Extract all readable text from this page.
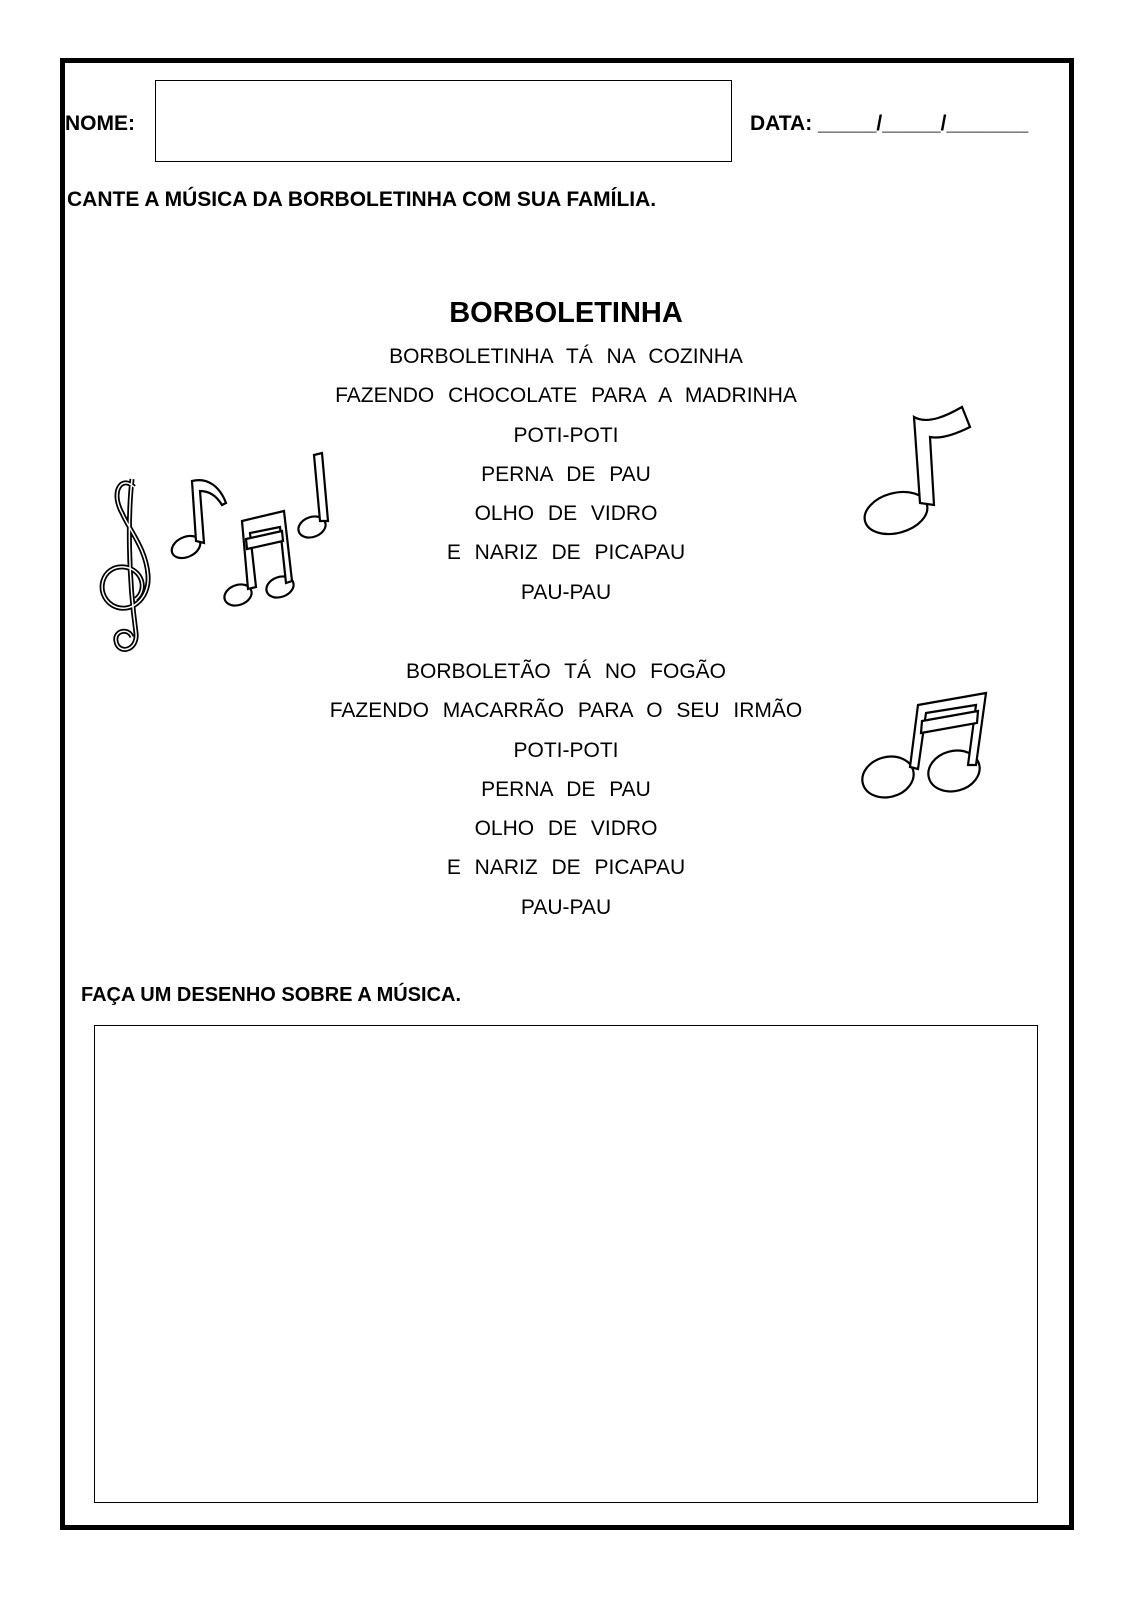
NOME:	DATA: _____/_____/_______
CANTE A MÚSICA DA BORBOLETINHA COM SUA FAMÍLIA.
BORBOLETINHA
BORBOLETINHA TÁ NA COZINHA
FAZENDO CHOCOLATE PARA A MADRINHA
POTI-POTI
PERNA DE PAU
OLHO DE VIDRO
E NARIZ DE PICAPAU
PAU-PAU
BORBOLETÃO TÁ NO FOGÃO
FAZENDO MACARRÃO PARA O SEU IRMÃO
POTI-POTI
PERNA DE PAU
OLHO DE VIDRO
E NARIZ DE PICAPAU
PAU-PAU
FAÇA UM DESENHO SOBRE A MÚSICA.
